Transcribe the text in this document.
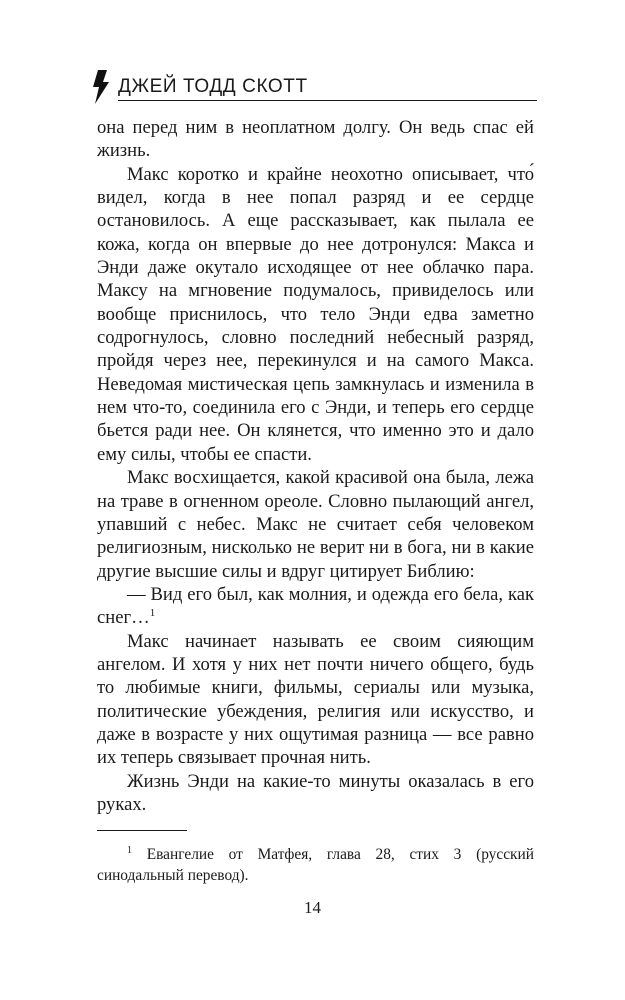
ДЖЕЙ ТОДД СКОТТ

она перед ним в неоплатном долгу. Он ведь спас ей жизнь.

Макс коротко и крайне неохотно описывает, что́ видел, когда в нее попал разряд и ее сердце остановилось. А еще рассказывает, как пылала ее кожа, когда он впервые до нее дотронулся: Макса и Энди даже окутало исходящее от нее облачко пара. Максу на мгновение подумалось, привиделось или вообще приснилось, что тело Энди едва заметно содрогнулось, словно последний небесный разряд, пройдя через нее, перекинулся и на самого Макса. Неведомая мистическая цепь замкнулась и изменила в нем что-то, соединила его с Энди, и теперь его сердце бьется ради нее. Он клянется, что именно это и дало ему силы, чтобы ее спасти.

Макс восхищается, какой красивой она была, лежа на траве в огненном ореоле. Словно пылающий ангел, упавший с небес. Макс не считает себя человеком религиозным, нисколько не верит ни в бога, ни в какие другие высшие силы и вдруг цитирует Библию:

— Вид его был, как молния, и одежда его бела, как снег…$^1$

Макс начинает называть ее своим сияющим ангелом. И хотя у них нет почти ничего общего, будь то любимые книги, фильмы, сериалы или музыка, политические убеждения, религия или искусство, и даже в возрасте у них ощутимая разница — все равно их теперь связывает прочная нить.

Жизнь Энди на какие-то минуты оказалась в его руках.

$^1$ Евангелие от Матфея, глава 28, стих 3 (русский синодальный перевод).
14
